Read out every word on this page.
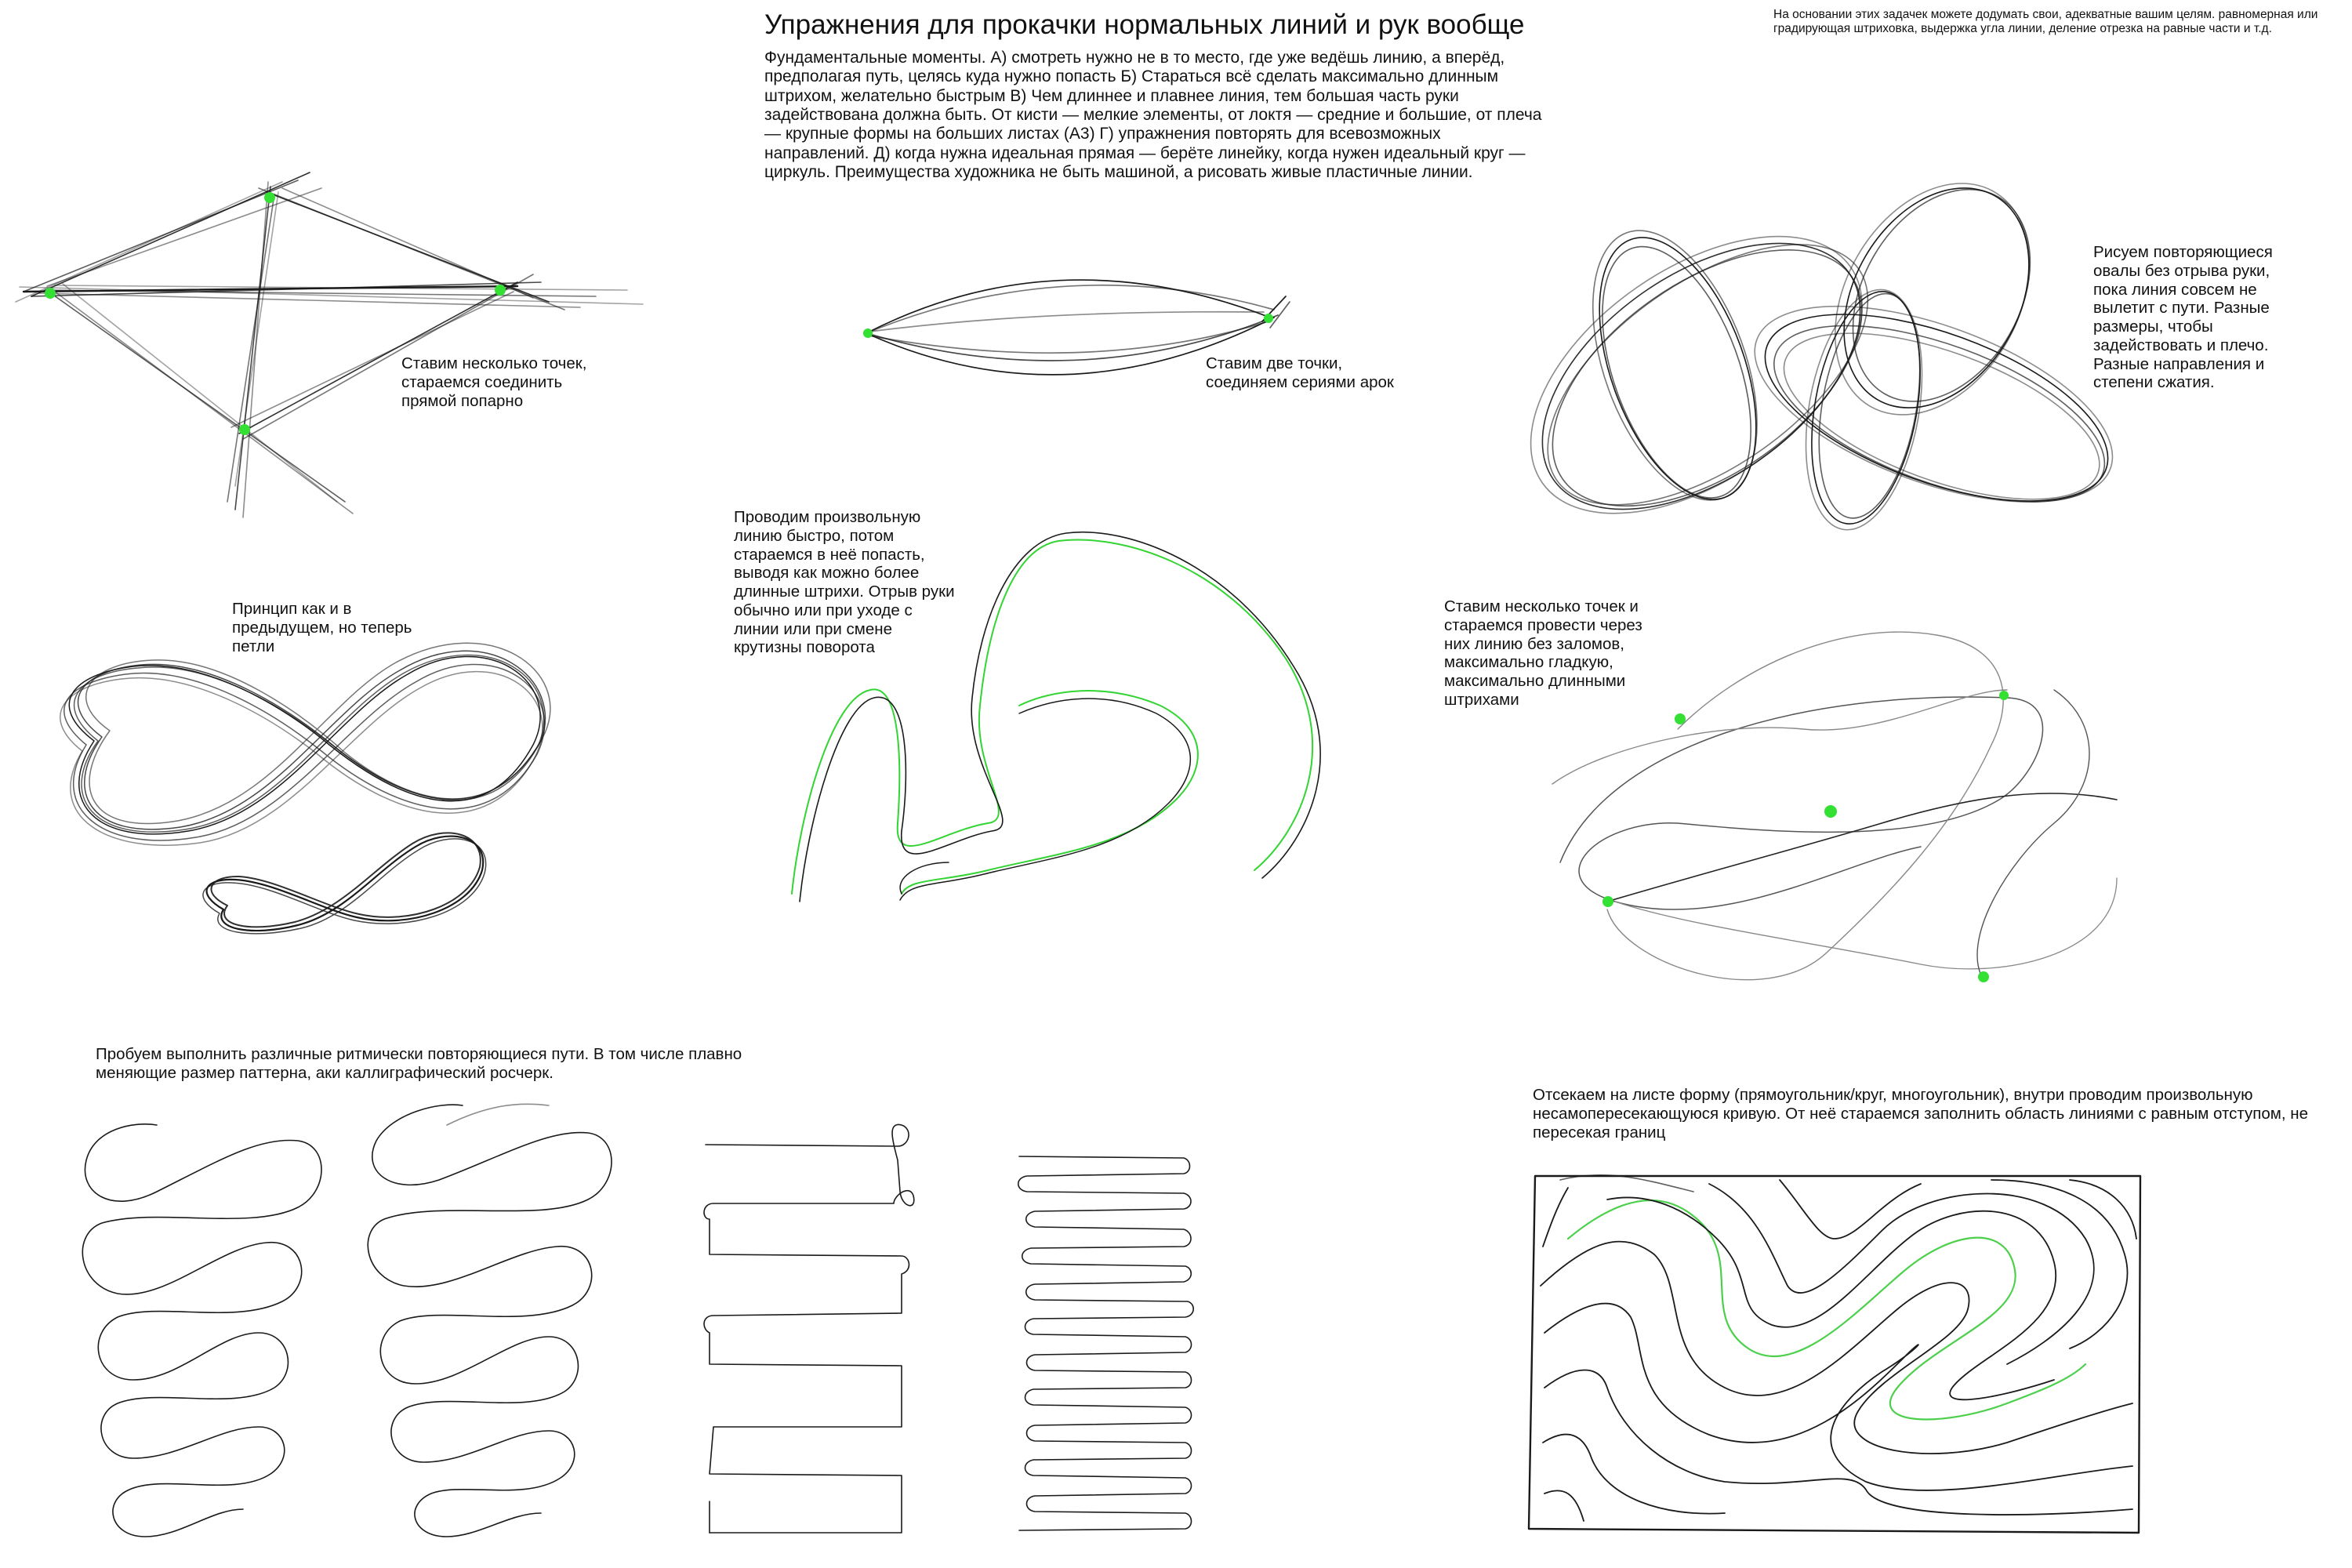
Упражнения для прокачки нормальных линий и рук вообще	На основании этих задачек можете додумать свои, адекватные вашим целям. равномерная или градирующая штриховка, выдержка угла линии, деление отрезка на равные части и т.д.
Фундаментальные моменты. А) смотреть нужно не в то место, где уже ведёшь линию, а вперёд, предполагая путь, целясь куда нужно попасть Б) Стараться всё сделать максимально длинным штрихом, желательно быстрым В) Чем длиннее и плавнее линия, тем большая часть руки задействована должна быть. От кисти — мелкие элементы, от локтя — средние и большие, от плеча — крупные формы на больших листах (А3) Г) упражнения повторять для всевозможных направлений. Д) когда нужна идеальная прямая — берёте линейку, когда нужен идеальный круг — циркуль. Преимущества художника не быть машиной, а рисовать живые пластичные линии.
Ставим несколько точек,
стараемся соединить
прямой попарно
Ставим две точки,
соединяем сериями арок
Рисуем повторяющиеся
овалы без отрыва руки,
пока линия совсем не
вылетит с пути. Разные
размеры, чтобы
задействовать и плечо.
Разные направления и
степени сжатия.
Принцип как и в
предыдущем, но теперь
петли
Проводим произвольную
линию быстро, потом
стараемся в неё попасть,
выводя как можно более
длинные штрихи. Отрыв руки
обычно или при уходе с
линии или при смене
крутизны поворота
Ставим несколько точек и
стараемся провести через
них линию без заломов,
максимально гладкую,
максимально длинными
штрихами
Пробуем выполнить различные ритмически повторяющиеся пути. В том числе плавно меняющие размер паттерна, аки каллиграфический росчерк.
Отсекаем на листе форму (прямоугольник/круг, многоугольник), внутри проводим произвольную несамопересекающуюся кривую. От неё стараемся заполнить область линиями с равным отступом, не пересекая границ
